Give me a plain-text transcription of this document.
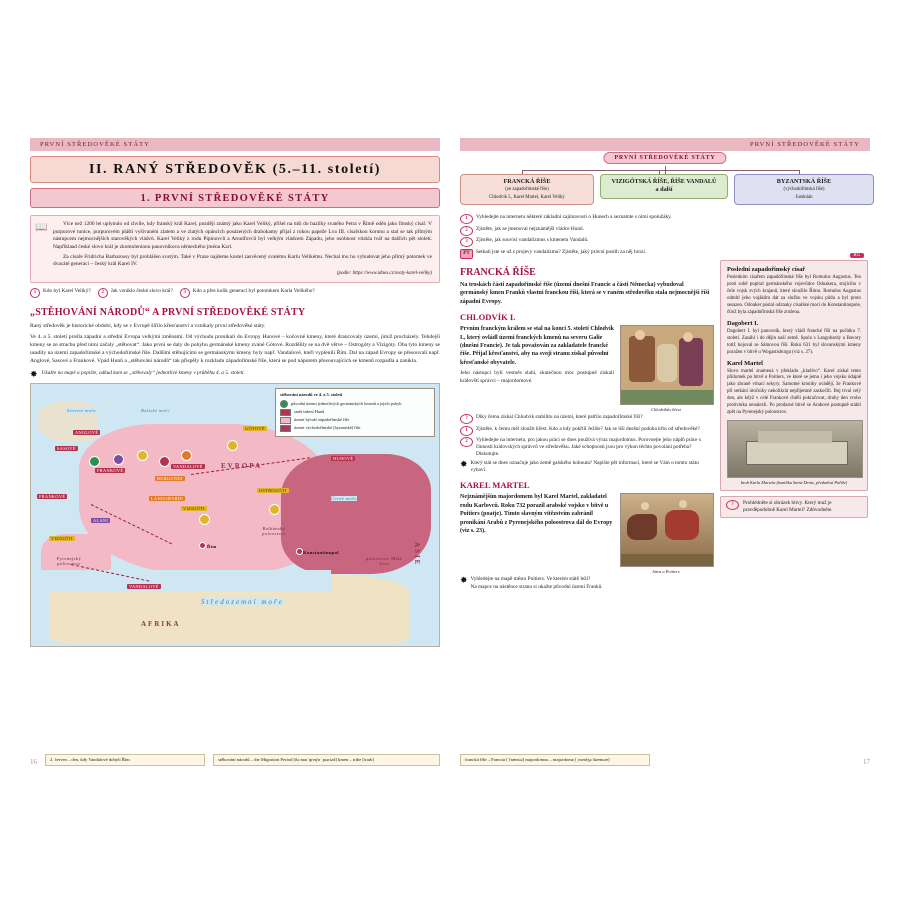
PRVNÍ STŘEDOVĚKÉ STÁTY
II. RANÝ STŘEDOVĚK (5.–11. století)
1. PRVNÍ STŘEDOVĚKÉ STÁTY
📖	Více než 1200 let uplynulo od chvíle, kdy franský král Karel, později známý jako Karel Veliký, přišel na mši do bazilky svatého Petra v Římě oděn jako římský císař. V purpurové tunice, purpurovém plášti vyšívaném zlatem a ve zlatých opáncích posázených drahokamy přijal z rukou papeže Lva III. císařskou korunu a stal se tak přímým nástupcem nejmocnějších starověkých vládců. Karel Veliký z rodu Pipinovců a Arnulfovců byl velkým vládcem Západu, jeho osobnost vtiskla tvář na dalších pět století. Napříklaad české slovo král je zkomoleninou panovníkova německého jména Karl.

Za císaře Fridricha Barbarossy byl prohlášen svatým. Také v Praze najdeme kostel zasvěcený svatému Karlu Velikému. Nechal mu ho vybudovat jeho přímý potomek ve dvacáté generaci – český král Karel IV.

(podle: https://www.idnes.cz/svaty-karel-veliky)
1	Kdo byl Karel Veliký?	2	Jak vzniklo české slovo král?	3	Kdo a přes kolik generací byl potomkem Karla Velikého?
„STĚHOVÁNÍ NÁRODŮ“ A PRVNÍ STŘEDOVĚKÉ STÁTY

Raný středověk je historické období, kdy se v Evropě šířilo křesťanství a vznikaly první středověké státy.

Ve 4. a 5. století prošla západní a střední Evropa velkými změnami. Od východu pronikali do Evropy Hunové – kočovné kmeny, které drancovaly území, jimiž procházely. Tehdejší kmeny se ze strachu před nimi začaly „stěhovat“. Jako první se daly do pohybu germánské kmeny zvané Gótové. Rozdělily se na dvě větve – Ostrogóty a Vizigóty. Oba tyto kmeny se usadily na území zapadořímské a východořímské říše. Dalšími stěhujícími se germánskými kmeny byly např. Vandalové, kteří vyplenili Řím. Dal na západ Evropy se přesouvali např. Anglové, Sasové a Frankové. Vpád Hunů a „stěhování národů“ tak přispěly k rozkladu západořímské říše, která se pod náporem přesouvajících se kmenů rozpadla a zanikla.

✸ Ukažte na mapě a popište, odkud kam se „stěhovaly“ jednotlivé kmeny v průběhu 4. a 5. století.
Severní moře	Baltské moře
Černé moře
Středozemní moře
EVROPA
AFRIKA
ASIE
Pyrenejský poloostrov
Balkánský poloostrov
poloostrov Malá Asie
Řím
Konstantinopol
ANGLOVÉ
SASOVÉ
FRANKOVÉ
FRANKOVÉ
BURGUNDI
ALANI
GÓTOVÉ
OSTROGÓTI
VIZIGÓTI
VIZIGÓTI
VANDALOVÉ
VANDALOVÉ
HUNOVÉ
LANGOBARDI
stěhování národů ve 4. a 5. století
původní území jednotlivých germánských kmenů a jejich pohyb
směr tažení Hunů
území bývalé západořímské říše
území východořímské (byzantské) říše
16	2. červen – den, kdy Vandalové dobyli Řím	stěhování národů – the Migration Period [ðə maɪˈɡreɪʃn ˈpɪəriəd] kmen – tribe [traɪb]
PRVNÍ STŘEDOVĚKÉ STÁTY
PRVNÍ STŘEDOVĚKÉ STÁTY
FRANCKÁ ŘÍŠE
(ze zapadořímské říše)
Chlodvík I., Karel Martel, Karel Veliký
VIZIGÓTSKÁ ŘÍŠE, ŘÍŠE VANDALŮ
a další
BYZANTSKÁ ŘÍŠE
(východořímská říše)
Justinián
1	Vyhledejte na internetu některé základní zajímavosti o Hunech a seznamte s nimi spolužáky.
2	Zjistěte, jak se jmenoval nejznámější vládce Hunů.
3	Zjistěte, jak souvisí vandalizmus s kmenem Vandalů.
PT	Setkali jste se už s projevy vandalizmu? Zjistěte, jaký právní postih za něj hrozí.
FRANCKÁ ŘÍŠE

Na troskách části zapadořímské říše (území dnešní Francie a části Německa) vybudoval germánský kmen Franků vlastní franckou říši, která se v raném středověku stala nejmocnější říší západní Evropy.

CHLODVÍK I.

Prvním franckým králem se stal na konci 5. století Chlodvík I., který ovládl území franckých kmenů na severu Galie (dnešní Francie). Je tak považován za zakladatele francké říše. Přijal křesťanství, aby na svoji stranu získal původní křesťanské obyvatele.

Jeho nástupci byli vesměs slabí, skutečnou moc postupně získali královští správci – majordomové.

Chlodvíkův křest
?	Díky čemu získal Chlodvík stabilitu na území, které patřilo zapadořímské říši?
1	Zjistěte, k čemu měl sloužit křest. Kdo a kdy pokřtil Ježíše? Jak se liší dnešní podoba křtu od středověké?
2	Vyhledejte na internetu, pro jakou práci se dnes používá výraz majordomus. Porovnejte jeho náplň práce s činností královských správců ve středověku. Jaké schopnosti jsou pro výkon těchto povolání potřeba? Diskutujte.
✸ Který stát se dnes označuje jako země galského kohouta? Napište pět informací, které se Vám o tomto státu vybaví.
KAREL MARTEL

Nejznámějším majordomem byl Karel Martel, zakladatel rodu Karlovců. Roku 732 porazil arabské vojsko v bitvě u Poitiers (poatje). Tímto slavným vítězstvím zabránil pronikání Arabů z Pyrenejského poloostrova dál do Evropy (viz s. 23).

bitva u Poitiers
✸ Vyhledejte na mapě město Poitiers. Ve kterém státě leží?
Na mapce na nástěnce stranu si ukažte původní území Franků.
RU
Poslední zapadořímský císař

Posledním císařem zapadořímské říše byl Romulus Augustus. Ten proti sobě popíral germánského vojevůdce Odoakera, stojícího v čele vojsk svých krajanů, které sloužilo Římu. Romulus Augustus odmítl jeho vojákům dát za službu ve vojsku půdu a byl proto sesazen. Odoaker poslal odznaky císařské moci do Konstantinopole, čímž byla západořímská říše zrušena.

Dagobert I.

Dagobert I. byl panovník, který vládl francké říši na počátku 7. století. Zasáhl i do dějin naší země. Spolu s Langobardy a Bavory totiž bojoval se Sámovou říší. Roku 631 byl slovanskými kmeny poražen v bitvě u Wogastisburgu (viz s. 27).

Karel Martel

Slovo martel znamená v překladu „kladivo“. Karel získal tento přídomek po bitvě u Poitiers, ve které se jemu i jeho vojsku údajně jako zbraně vrhací sekyry. Samotné kroniky uvádějí, že Frankové při setkání útočníky nekolikrát nepřijemně zaskočili. Boj trval celý den, ale když v celé Frankové chtěli pokračovat, druhy den vroho protivníka nenalezli. Po prodarné bitvě se Arabové postupně stáhli zpět na Pyrenejský poloostrov.

hrob Karla Martela (bazilika Saint-Denis, předměstí Paříže)
?	Prohlédněte si obrázek bitvy. Který muž je pravděpodobně Karel Martel? Zdůvodněte.
francká říše – Francia [ˈfrænsiə] majordomus – majordomo [ˌmeɪdʒəˈdəʊməʊ]	17
